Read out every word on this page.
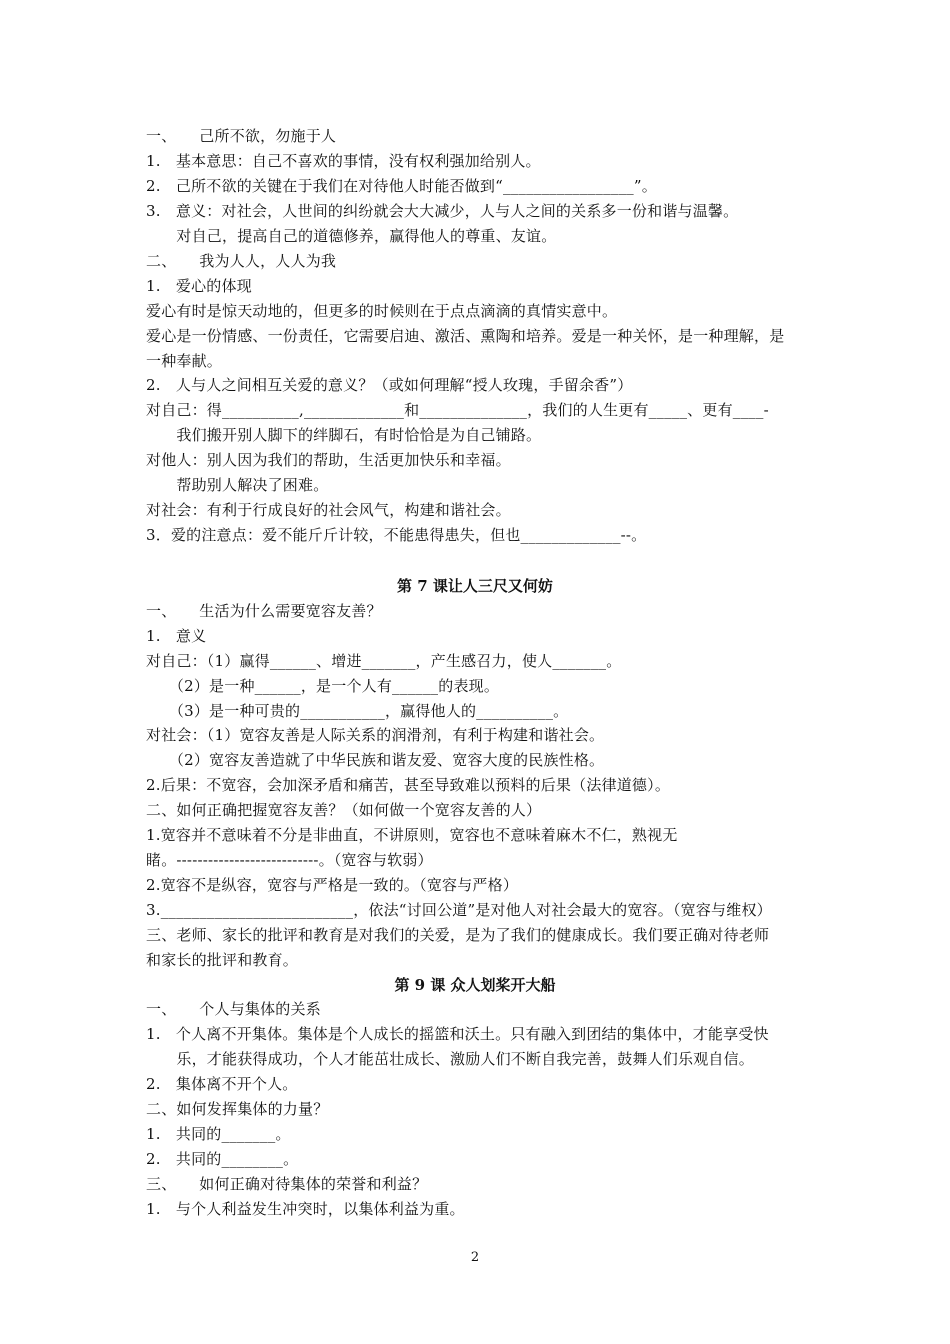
一、　　己所不欲，勿施于人
1.　基本意思：自己不喜欢的事情，没有权利强加给别人。
2.　己所不欲的关键在于我们在对待他人时能否做到“_________________”。
3.　意义：对社会，人世间的纠纷就会大大减少，人与人之间的关系多一份和谐与温馨。
　　对自己，提高自己的道德修养，赢得他人的尊重、友谊。
二、　　我为人人，人人为我
1.　爱心的体现
爱心有时是惊天动地的，但更多的时候则在于点点滴滴的真情实意中。
爱心是一份情感、一份责任，它需要启迪、激活、熏陶和培养。爱是一种关怀，是一种理解，是
一种奉献。
2.　人与人之间相互关爱的意义？（或如何理解“授人玫瑰，手留余香”）
对自己：得__________,_____________和______________，我们的人生更有_____、更有____-
　　我们搬开别人脚下的绊脚石，有时恰恰是为自己铺路。
对他人：别人因为我们的帮助，生活更加快乐和幸福。
　　帮助别人解决了困难。
对社会：有利于行成良好的社会风气，构建和谐社会。
3．爱的注意点：爱不能斤斤计较，不能患得患失，但也_____________--。
第 7 课让人三尺又何妨
一、　　生活为什么需要宽容友善？
1.　意义
对自己：（1）赢得______、增进_______，产生感召力，使人_______。
　　（2）是一种______，是一个人有______的表现。
　　（3）是一种可贵的___________，赢得他人的__________。
对社会：（1）宽容友善是人际关系的润滑剂，有利于构建和谐社会。
　　（2）宽容友善造就了中华民族和谐友爱、宽容大度的民族性格。
2.后果：不宽容，会加深矛盾和痛苦，甚至导致难以预料的后果（法律道德）。
二、如何正确把握宽容友善？（如何做一个宽容友善的人）
1.宽容并不意味着不分是非曲直，不讲原则，宽容也不意味着麻木不仁，熟视无
睹。---------------------------。（宽容与软弱）
2.宽容不是纵容，宽容与严格是一致的。（宽容与严格）
3._________________________，依法“讨回公道”是对他人对社会最大的宽容。（宽容与维权）
三、老师、家长的批评和教育是对我们的关爱，是为了我们的健康成长。我们要正确对待老师
和家长的批评和教育。
第 9 课 众人划桨开大船
一、　　个人与集体的关系
1.　个人离不开集体。集体是个人成长的摇篮和沃土。只有融入到团结的集体中，才能享受快
　　乐，才能获得成功，个人才能茁壮成长、激励人们不断自我完善，鼓舞人们乐观自信。
2.　集体离不开个人。
二、如何发挥集体的力量？
1.　共同的_______。
2.　共同的________。
三、　　如何正确对待集体的荣誉和利益？
1.　与个人利益发生冲突时，以集体利益为重。
2
